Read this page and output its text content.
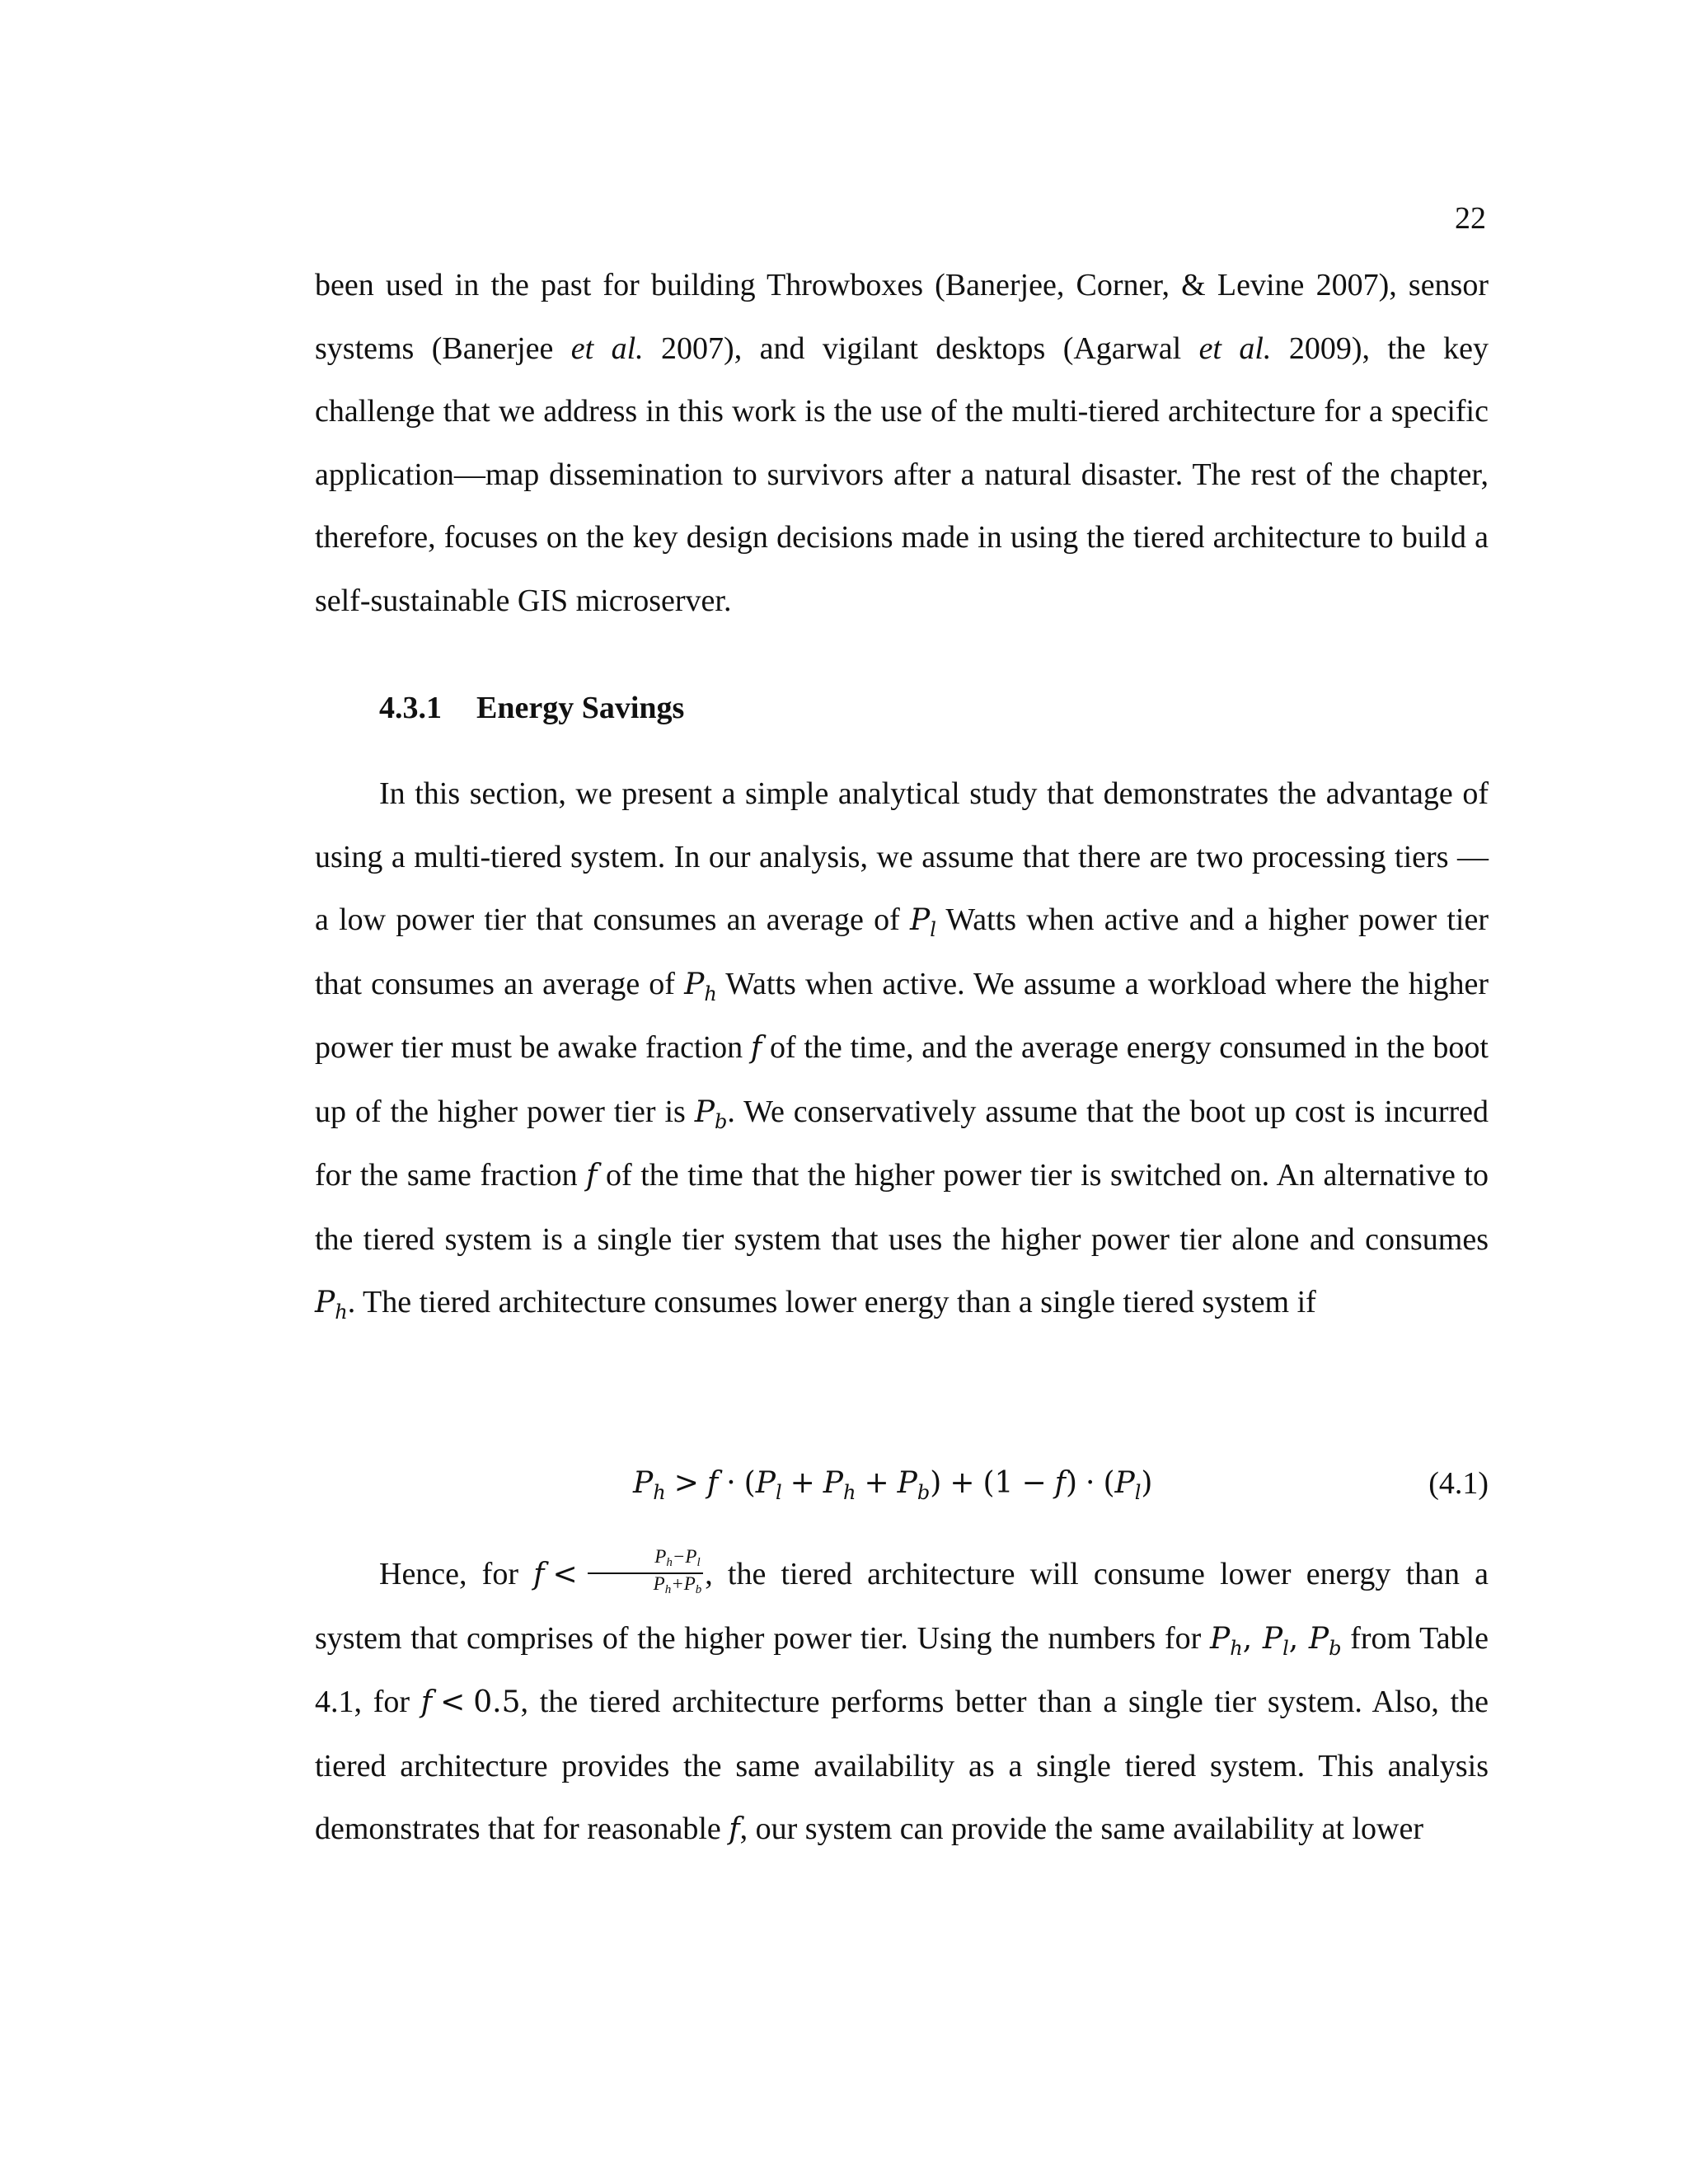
22

been used in the past for building Throwboxes (Banerjee, Corner, & Levine 2007), sensor systems (Banerjee et al. 2007), and vigilant desktops (Agarwal et al. 2009), the key challenge that we address in this work is the use of the multi-tiered architecture for a specific application—map dissemination to survivors after a natural disaster. The rest of the chapter, therefore, focuses on the key design decisions made in using the tiered architecture to build a self-sustainable GIS microserver.

4.3.1 Energy Savings

In this section, we present a simple analytical study that demonstrates the advantage of using a multi-tiered system. In our analysis, we assume that there are two processing tiers — a low power tier that consumes an average of $P_l$ Watts when active and a higher power tier that consumes an average of $P_h$ Watts when active. We assume a workload where the higher power tier must be awake fraction f of the time, and the average energy consumed in the boot up of the higher power tier is $P_b$. We conservatively assume that the boot up cost is incurred for the same fraction f of the time that the higher power tier is switched on. An alternative to the tiered system is a single tier system that uses the higher power tier alone and consumes $P_h$. The tiered architecture consumes lower energy than a single tiered system if

$P_h > f \cdot (P_l + P_h + P_b) + (1 - f) \cdot (P_l)$	(4.1)

Hence, for $f < \frac{Ph-Pl}{Ph+Pb}$ , the tiered architecture will consume lower energy than a system that comprises of the higher power tier. Using the numbers for $P_h$, $P_l$, $P_b$ from Table 4.1, for f < 0.5, the tiered architecture performs better than a single tier system. Also, the tiered architecture provides the same availability as a single tiered system. This analysis demonstrates that for reasonable f, our system can provide the same availability at lower
